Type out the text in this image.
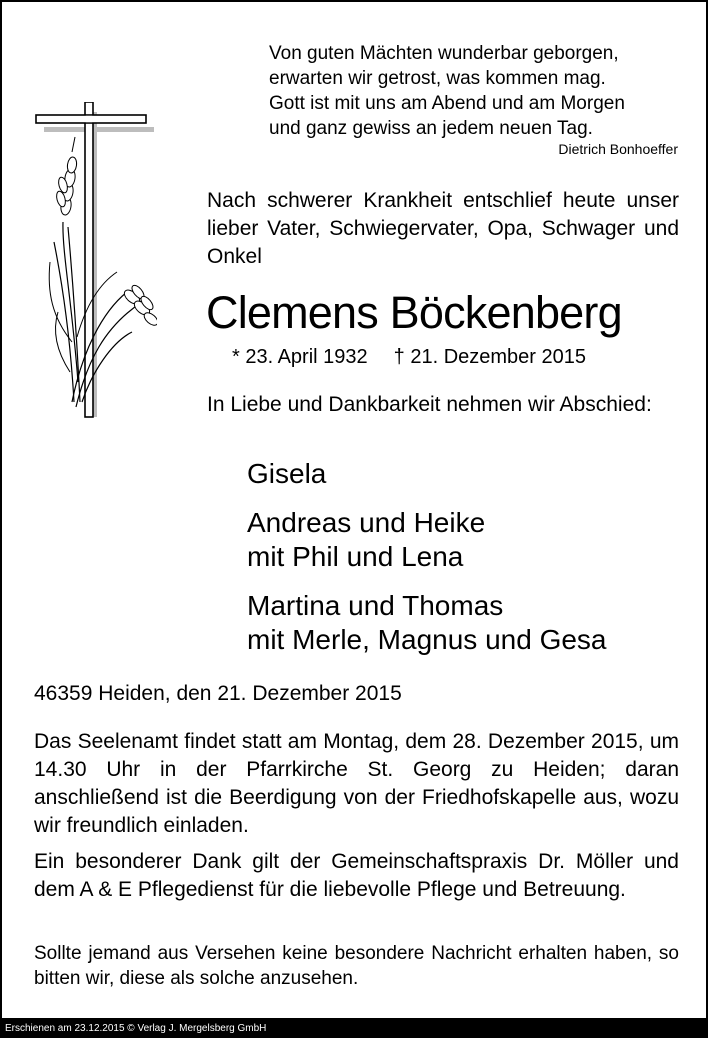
Von guten Mächten wunderbar geborgen,
erwarten wir getrost, was kommen mag.
Gott ist mit uns am Abend und am Morgen
und ganz gewiss an jedem neuen Tag.
Dietrich Bonhoeffer
Nach schwerer Krankheit entschlief heute unser lieber Vater, Schwiegervater, Opa, Schwager und Onkel
Clemens Böckenberg
* 23. April 1932 † 21. Dezember 2015
In Liebe und Dankbarkeit nehmen wir Abschied:
Gisela
Andreas und Heike
mit Phil und Lena
Martina und Thomas
mit Merle, Magnus und Gesa
46359 Heiden, den 21. Dezember 2015
Das Seelenamt findet statt am Montag, dem 28. Dezember 2015, um 14.30 Uhr in der Pfarrkirche St. Georg zu Heiden; daran anschließend ist die Beerdigung von der Friedhofskapelle aus, wozu wir freundlich einladen.
Ein besonderer Dank gilt der Gemeinschaftspraxis Dr. Möller und dem A & E Pflegedienst für die liebevolle Pflege und Betreuung.
Sollte jemand aus Versehen keine besondere Nachricht erhalten haben, so bitten wir, diese als solche anzusehen.
Erschienen am 23.12.2015 © Verlag J. Mergelsberg GmbH
